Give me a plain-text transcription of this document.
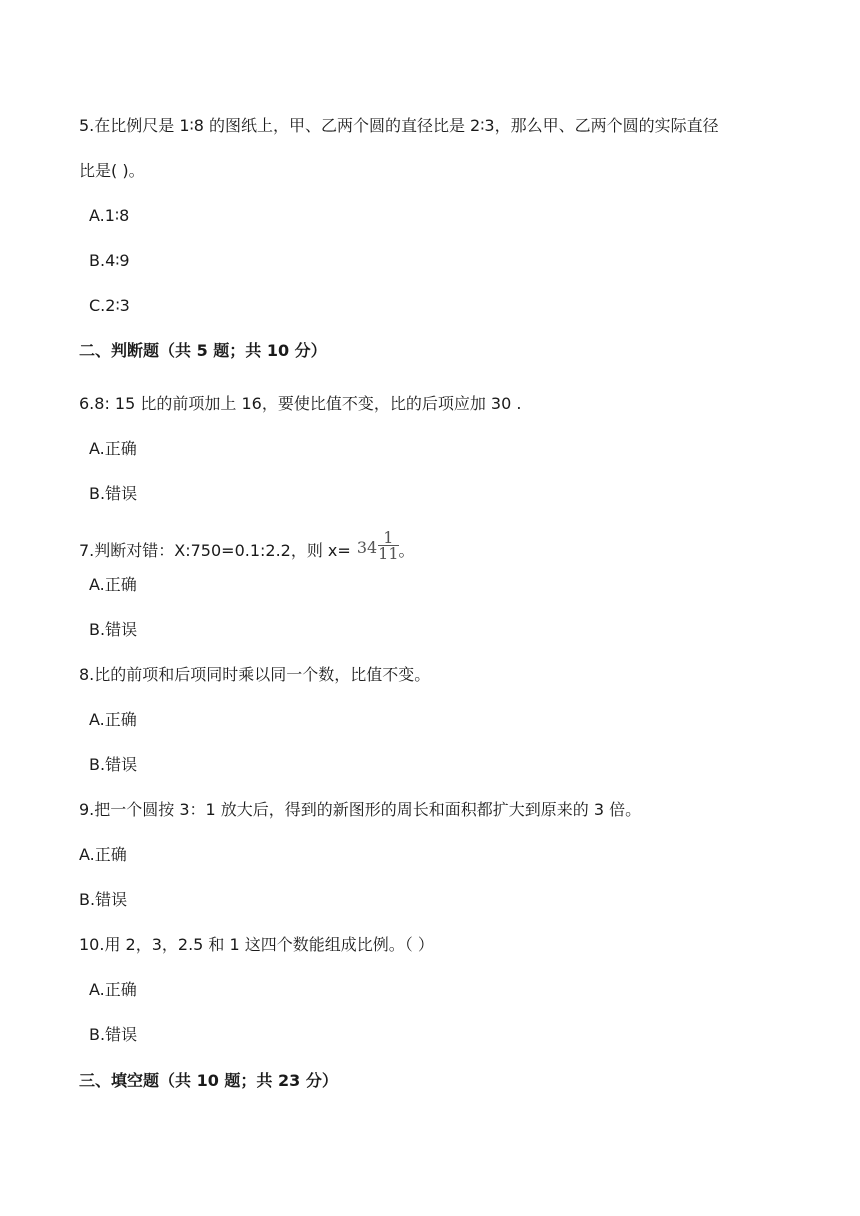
5.在比例尺是 1∶8 的图纸上，甲、乙两个圆的直径比是 2∶3，那么甲、乙两个圆的实际直径
比是( )。
A.1∶8
B.4∶9
C.2∶3
二、判断题（共 5 题；共 10 分）
6.8: 15 比的前项加上 16，要使比值不变，比的后项应加 30 .
A.正确
B.错误
7.判断对错：X:750=0.1:2.2，则 $x= 34 \frac{1}{11}$ 。
A.正确
B.错误
8.比的前项和后项同时乘以同一个数，比值不变。
A.正确
B.错误
9.把一个圆按 3：1 放大后，得到的新图形的周长和面积都扩大到原来的 3 倍。
A.正确
B.错误
10.用 2，3，2.5 和 1 这四个数能组成比例。（ ）
A.正确
B.错误
三、填空题（共 10 题；共 23 分）
